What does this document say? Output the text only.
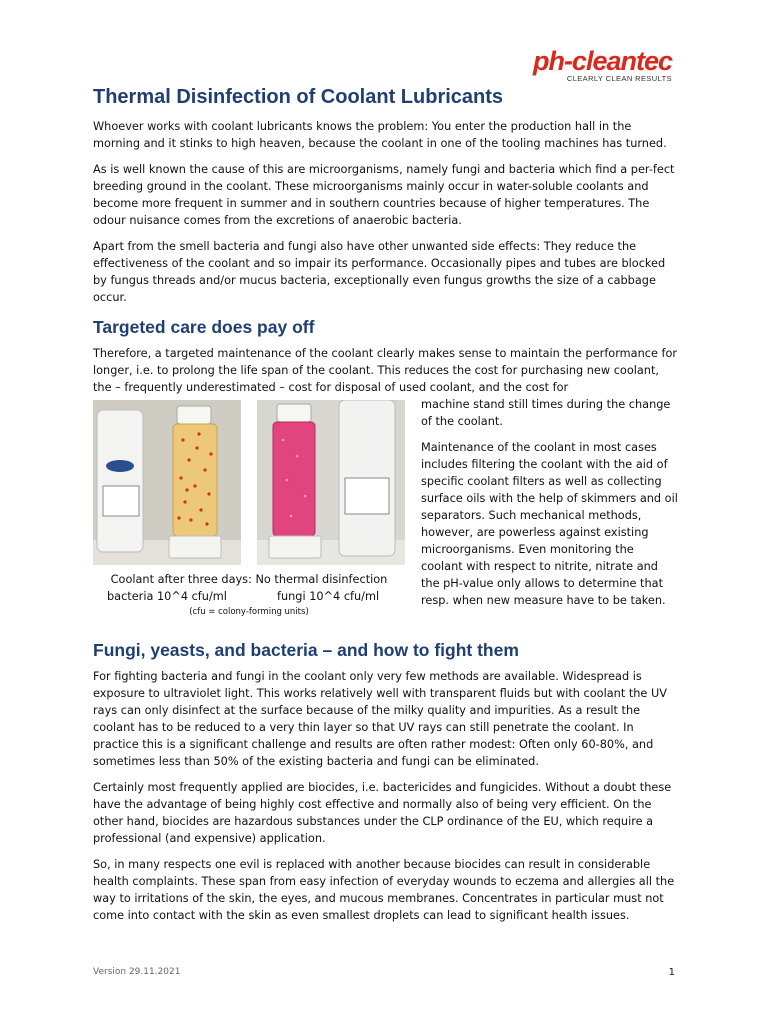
ph-cleantec
CLEARLY CLEAN RESULTS
Thermal Disinfection of Coolant Lubricants

Whoever works with coolant lubricants knows the problem: You enter the production hall in the morning and it stinks to high heaven, because the coolant in one of the tooling machines has turned.

As is well known the cause of this are microorganisms, namely fungi and bacteria which find a per-fect breeding ground in the coolant. These microorganisms mainly occur in water-soluble coolants and become more frequent in summer and in southern countries because of higher temperatures. The odour nuisance comes from the excretions of anaerobic bacteria.

Apart from the smell bacteria and fungi also have other unwanted side effects: They reduce the effectiveness of the coolant and so impair its performance. Occasionally pipes and tubes are blocked by fungus threads and/or mucus bacteria, exceptionally even fungus growths the size of a cabbage occur.

Targeted care does pay off

Therefore, a targeted maintenance of the coolant clearly makes sense to maintain the performance for longer, i.e. to prolong the life span of the coolant. This reduces the cost for purchasing new coolant, the – frequently underestimated – cost for disposal of used coolant, and the cost for

Coolant after three days: No thermal disinfection
bacteria 10^4 cfu/ml	fungi 10^4 cfu/ml
(cfu = colony-forming units)

machine stand still times during the change of the coolant.

Maintenance of the coolant in most cases includes filtering the coolant with the aid of specific coolant filters as well as collecting surface oils with the help of skimmers and oil separators. Such mechanical methods, however, are powerless against existing microorganisms. Even monitoring the coolant with respect to nitrite, nitrate and the pH-value only allows to determine that resp. when new measure have to be taken.

Fungi, yeasts, and bacteria – and how to fight them

For fighting bacteria and fungi in the coolant only very few methods are available. Widespread is exposure to ultraviolet light. This works relatively well with transparent fluids but with coolant the UV rays can only disinfect at the surface because of the milky quality and impurities. As a result the coolant has to be reduced to a very thin layer so that UV rays can still penetrate the coolant. In practice this is a significant challenge and results are often rather modest: Often only 60-80%, and sometimes less than 50% of the existing bacteria and fungi can be eliminated.

Certainly most frequently applied are biocides, i.e. bactericides and fungicides. Without a doubt these have the advantage of being highly cost effective and normally also of being very efficient. On the other hand, biocides are hazardous substances under the CLP ordinance of the EU, which require a professional (and expensive) application.

So, in many respects one evil is replaced with another because biocides can result in considerable health complaints. These span from easy infection of everyday wounds to eczema and allergies all the way to irritations of the skin, the eyes, and mucous membranes. Concentrates in particular must not come into contact with the skin as even smallest droplets can lead to significant health issues.

Version 29.11.2021	1
